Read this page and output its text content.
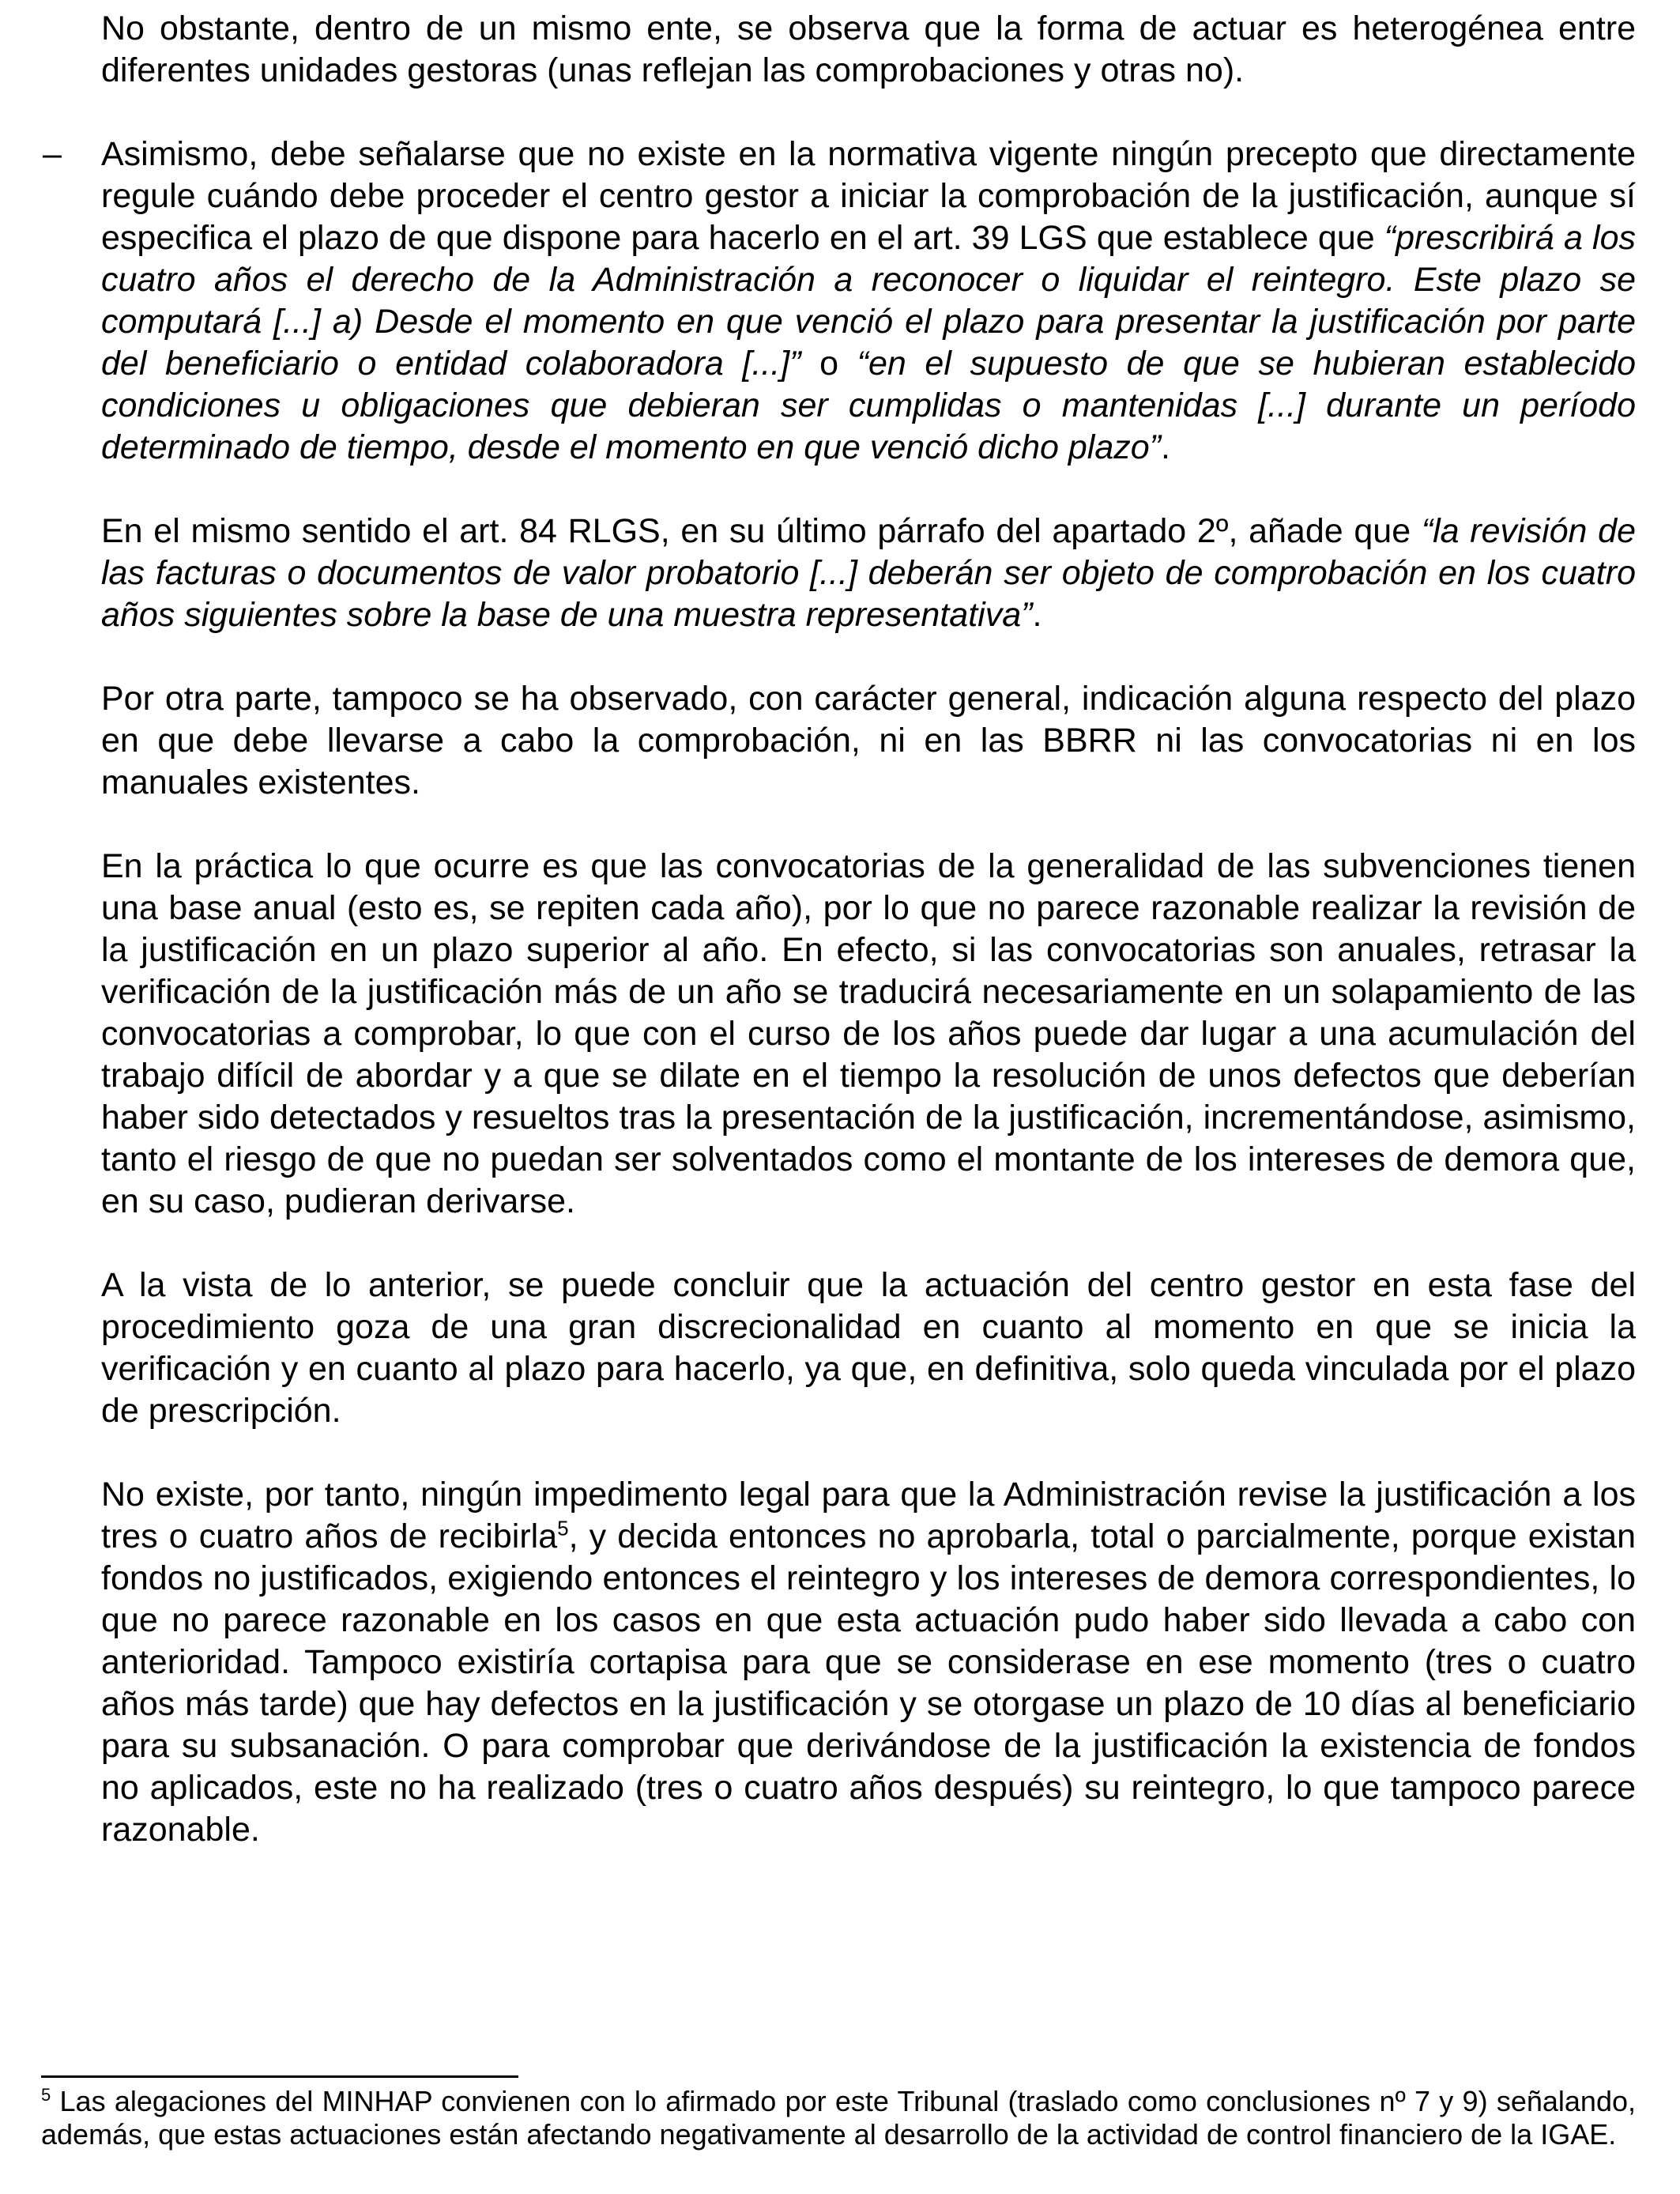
No obstante, dentro de un mismo ente, se observa que la forma de actuar es heterogénea entre diferentes unidades gestoras (unas reflejan las comprobaciones y otras no).

– Asimismo, debe señalarse que no existe en la normativa vigente ningún precepto que directamente regule cuándo debe proceder el centro gestor a iniciar la comprobación de la justificación, aunque sí especifica el plazo de que dispone para hacerlo en el art. 39 LGS que establece que “prescribirá a los cuatro años el derecho de la Administración a reconocer o liquidar el reintegro. Este plazo se computará [...] a) Desde el momento en que venció el plazo para presentar la justificación por parte del beneficiario o entidad colaboradora [...]” o “en el supuesto de que se hubieran establecido condiciones u obligaciones que debieran ser cumplidas o mantenidas [...] durante un período determinado de tiempo, desde el momento en que venció dicho plazo”.

En el mismo sentido el art. 84 RLGS, en su último párrafo del apartado 2º, añade que “la revisión de las facturas o documentos de valor probatorio [...] deberán ser objeto de comprobación en los cuatro años siguientes sobre la base de una muestra representativa”.

Por otra parte, tampoco se ha observado, con carácter general, indicación alguna respecto del plazo en que debe llevarse a cabo la comprobación, ni en las BBRR ni las convocatorias ni en los manuales existentes.

En la práctica lo que ocurre es que las convocatorias de la generalidad de las subvenciones tienen una base anual (esto es, se repiten cada año), por lo que no parece razonable realizar la revisión de la justificación en un plazo superior al año. En efecto, si las convocatorias son anuales, retrasar la verificación de la justificación más de un año se traducirá necesariamente en un solapamiento de las convocatorias a comprobar, lo que con el curso de los años puede dar lugar a una acumulación del trabajo difícil de abordar y a que se dilate en el tiempo la resolución de unos defectos que deberían haber sido detectados y resueltos tras la presentación de la justificación, incrementándose, asimismo, tanto el riesgo de que no puedan ser solventados como el montante de los intereses de demora que, en su caso, pudieran derivarse.

A la vista de lo anterior, se puede concluir que la actuación del centro gestor en esta fase del procedimiento goza de una gran discrecionalidad en cuanto al momento en que se inicia la verificación y en cuanto al plazo para hacerlo, ya que, en definitiva, solo queda vinculada por el plazo de prescripción.

No existe, por tanto, ningún impedimento legal para que la Administración revise la justificación a los tres o cuatro años de recibirla$^5$, y decida entonces no aprobarla, total o parcialmente, porque existan fondos no justificados, exigiendo entonces el reintegro y los intereses de demora correspondientes, lo que no parece razonable en los casos en que esta actuación pudo haber sido llevada a cabo con anterioridad. Tampoco existiría cortapisa para que se considerase en ese momento (tres o cuatro años más tarde) que hay defectos en la justificación y se otorgase un plazo de 10 días al beneficiario para su subsanación. O para comprobar que derivándose de la justificación la existencia de fondos no aplicados, este no ha realizado (tres o cuatro años después) su reintegro, lo que tampoco parece razonable.

$^5$ Las alegaciones del MINHAP convienen con lo afirmado por este Tribunal (traslado como conclusiones nº 7 y 9) señalando, además, que estas actuaciones están afectando negativamente al desarrollo de la actividad de control financiero de la IGAE.
